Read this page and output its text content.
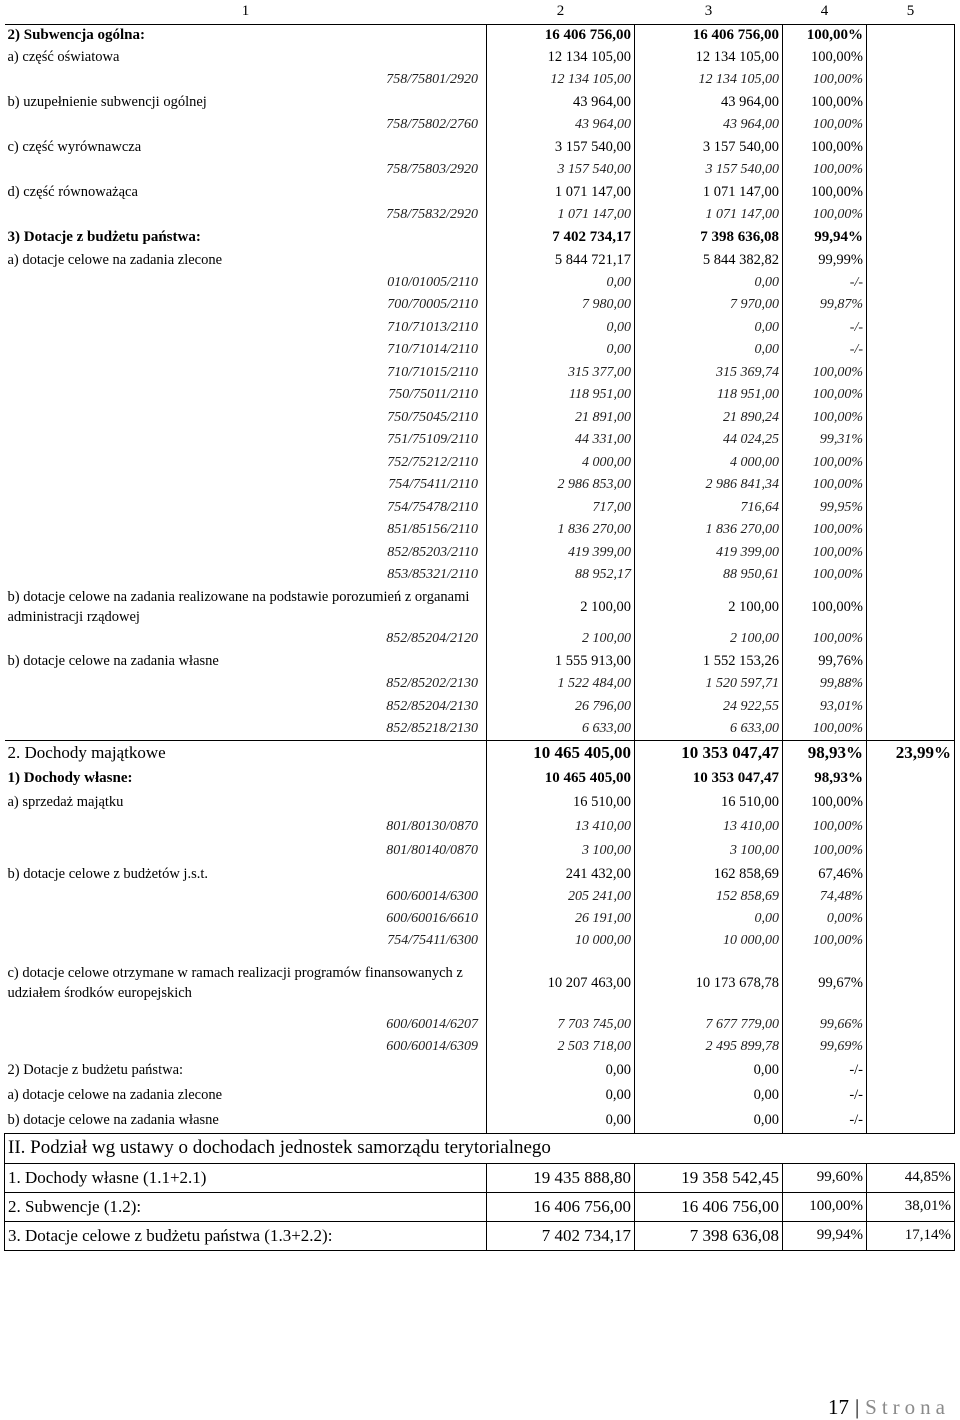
1	2	3	4	5
2) Subwencja ogólna:	16 406 756,00	16 406 756,00	100,00%	
a) część oświatowa	12 134 105,00	12 134 105,00	100,00%	
758/75801/2920	12 134 105,00	12 134 105,00	100,00%	
b) uzupełnienie subwencji ogólnej	43 964,00	43 964,00	100,00%	
758/75802/2760	43 964,00	43 964,00	100,00%	
c) część wyrównawcza	3 157 540,00	3 157 540,00	100,00%	
758/75803/2920	3 157 540,00	3 157 540,00	100,00%	
d) część równoważąca	1 071 147,00	1 071 147,00	100,00%	
758/75832/2920	1 071 147,00	1 071 147,00	100,00%	
3) Dotacje z budżetu państwa:	7 402 734,17	7 398 636,08	99,94%	
a) dotacje celowe na zadania zlecone	5 844 721,17	5 844 382,82	99,99%	
010/01005/2110	0,00	0,00	-/-	
700/70005/2110	7 980,00	7 970,00	99,87%	
710/71013/2110	0,00	0,00	-/-	
710/71014/2110	0,00	0,00	-/-	
710/71015/2110	315 377,00	315 369,74	100,00%	
750/75011/2110	118 951,00	118 951,00	100,00%	
750/75045/2110	21 891,00	21 890,24	100,00%	
751/75109/2110	44 331,00	44 024,25	99,31%	
752/75212/2110	4 000,00	4 000,00	100,00%	
754/75411/2110	2 986 853,00	2 986 841,34	100,00%	
754/75478/2110	717,00	716,64	99,95%	
851/85156/2110	1 836 270,00	1 836 270,00	100,00%	
852/85203/2110	419 399,00	419 399,00	100,00%	
853/85321/2110	88 952,17	88 950,61	100,00%	
b) dotacje celowe na zadania realizowane na podstawie porozumień z organami administracji rządowej	2 100,00	2 100,00	100,00%	
852/85204/2120	2 100,00	2 100,00	100,00%	
b) dotacje celowe na zadania własne	1 555 913,00	1 552 153,26	99,76%	
852/85202/2130	1 522 484,00	1 520 597,71	99,88%	
852/85204/2130	26 796,00	24 922,55	93,01%	
852/85218/2130	6 633,00	6 633,00	100,00%	
2. Dochody majątkowe	10 465 405,00	10 353 047,47	98,93%	23,99%
1) Dochody własne:	10 465 405,00	10 353 047,47	98,93%	
a) sprzedaż majątku	16 510,00	16 510,00	100,00%	
801/80130/0870	13 410,00	13 410,00	100,00%	
801/80140/0870	3 100,00	3 100,00	100,00%	
b) dotacje celowe z budżetów j.s.t.	241 432,00	162 858,69	67,46%	
600/60014/6300	205 241,00	152 858,69	74,48%	
600/60016/6610	26 191,00	0,00	0,00%	
754/75411/6300	10 000,00	10 000,00	100,00%	
c) dotacje celowe otrzymane w ramach realizacji programów finansowanych z udziałem środków europejskich	10 207 463,00	10 173 678,78	99,67%	
600/60014/6207	7 703 745,00	7 677 779,00	99,66%	
600/60014/6309	2 503 718,00	2 495 899,78	99,69%	
2) Dotacje z budżetu państwa:	0,00	0,00	-/-	
a) dotacje celowe na zadania zlecone	0,00	0,00	-/-	
b) dotacje celowe na zadania własne	0,00	0,00	-/-	
II. Podział wg ustawy o dochodach jednostek samorządu terytorialnego				
1. Dochody własne (1.1+2.1)	19 435 888,80	19 358 542,45	99,60%	44,85%
2. Subwencje (1.2):	16 406 756,00	16 406 756,00	100,00%	38,01%
3. Dotacje celowe z budżetu państwa (1.3+2.2):	7 402 734,17	7 398 636,08	99,94%	17,14%
17 | Strona
